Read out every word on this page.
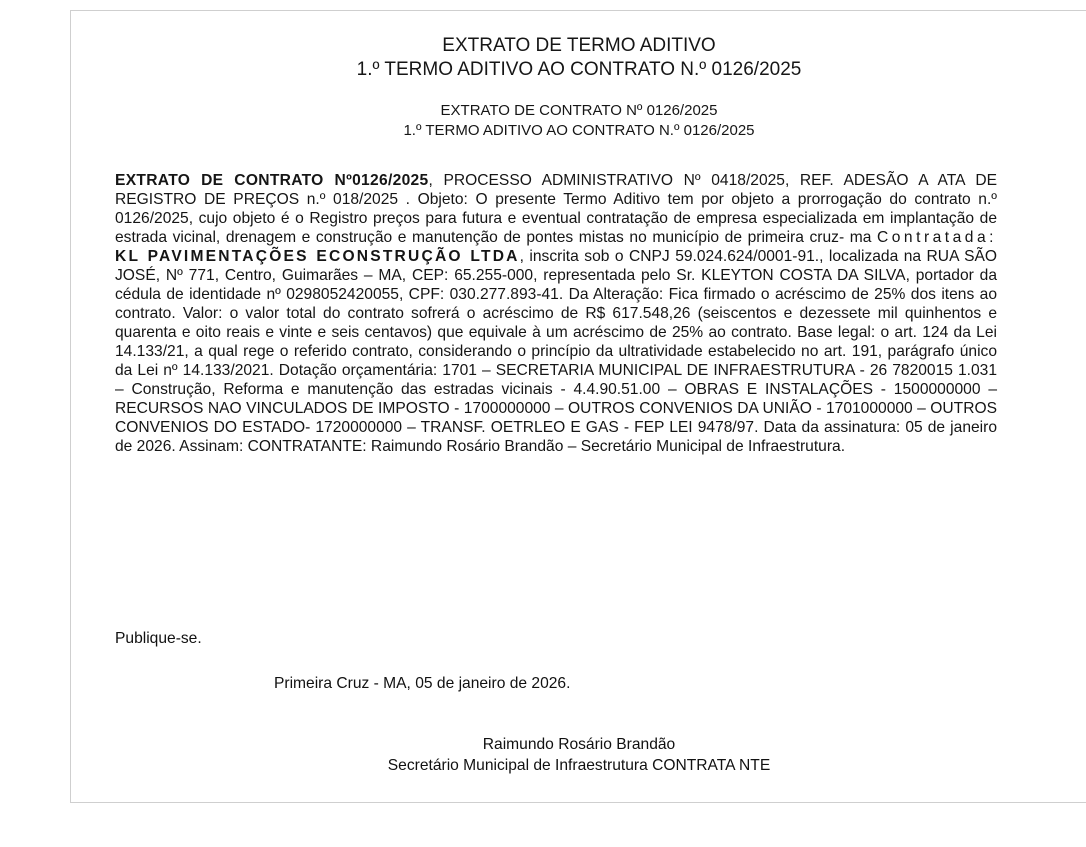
EXTRATO DE TERMO ADITIVO
1.º TERMO ADITIVO AO CONTRATO N.º 0126/2025
EXTRATO DE CONTRATO Nº 0126/2025
1.º TERMO ADITIVO AO CONTRATO N.º 0126/2025
EXTRATO DE CONTRATO Nº0126/2025, PROCESSO ADMINISTRATIVO Nº 0418/2025, REF. ADESÃO A ATA DE REGISTRO DE PREÇOS n.º 018/2025 . Objeto: O presente Termo Aditivo tem por objeto a prorrogação do contrato n.º 0126/2025, cujo objeto é o Registro preços para futura e eventual contratação de empresa especializada em implantação de estrada vicinal, drenagem e construção e manutenção de pontes mistas no município de primeira cruz- ma Contratada: KL PAVIMENTAÇÕES ECONSTRUÇÃO LTDA, inscrita sob o CNPJ 59.024.624/0001-91., localizada na RUA SÃO JOSÉ, Nº 771, Centro, Guimarães – MA, CEP: 65.255-000, representada pelo Sr. KLEYTON COSTA DA SILVA, portador da cédula de identidade nº 0298052420055, CPF: 030.277.893-41. Da Alteração: Fica firmado o acréscimo de 25% dos itens ao contrato. Valor: o valor total do contrato sofrerá o acréscimo de R$ 617.548,26 (seiscentos e dezessete mil quinhentos e quarenta e oito reais e vinte e seis centavos) que equivale à um acréscimo de 25% ao contrato. Base legal: o art. 124 da Lei 14.133/21, a qual rege o referido contrato, considerando o princípio da ultratividade estabelecido no art. 191, parágrafo único da Lei nº 14.133/2021. Dotação orçamentária: 1701 – SECRETARIA MUNICIPAL DE INFRAESTRUTURA - 26 7820015 1.031 – Construção, Reforma e manutenção das estradas vicinais - 4.4.90.51.00 – OBRAS E INSTALAÇÕES - 1500000000 – RECURSOS NAO VINCULADOS DE IMPOSTO - 1700000000 – OUTROS CONVENIOS DA UNIÃO - 1701000000 – OUTROS CONVENIOS DO ESTADO- 1720000000 – TRANSF. OETRLEO E GAS - FEP LEI 9478/97. Data da assinatura: 05 de janeiro de 2026. Assinam: CONTRATANTE: Raimundo Rosário Brandão – Secretário Municipal de Infraestrutura.
Publique-se.
Primeira Cruz - MA, 05 de janeiro de 2026.
Raimundo Rosário Brandão
Secretário Municipal de Infraestrutura CONTRATA NTE
